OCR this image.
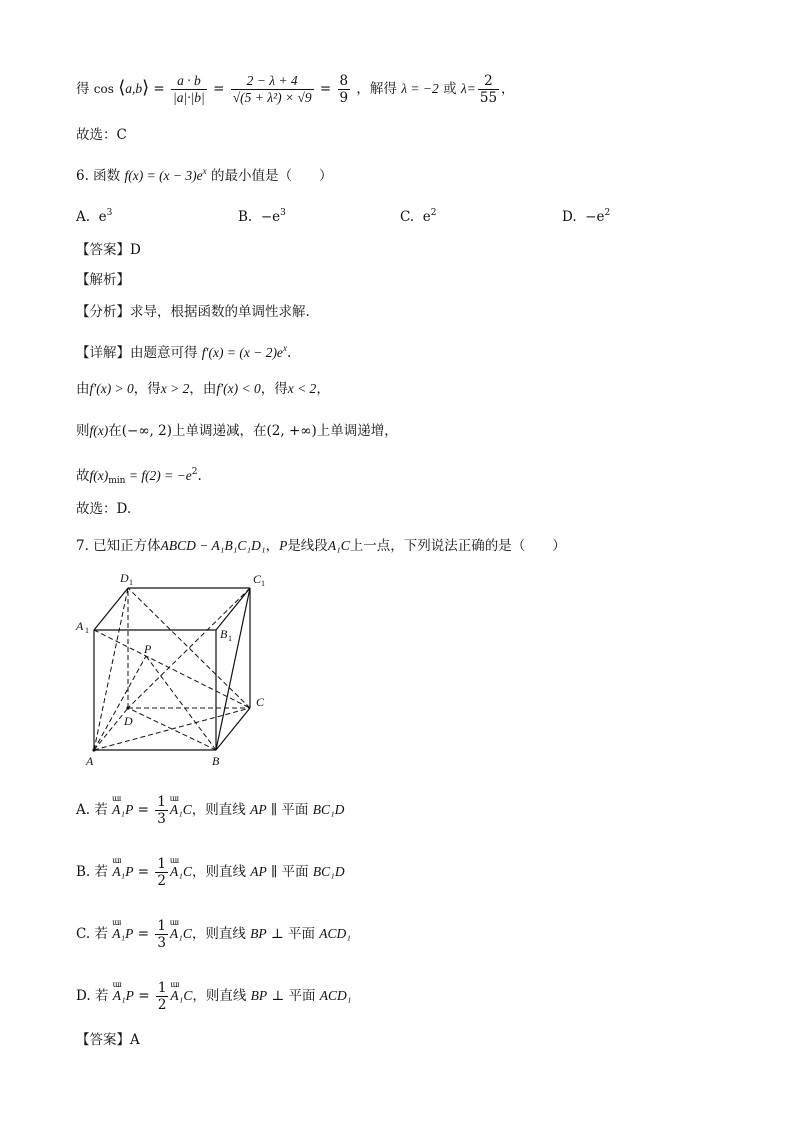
得 cos ⟨a,b⟩ = $\frac{a \cdot b}{|a|\cdot|b|} = \frac{2 - \lambda + 4}{\text{√(5 + λ²) × √9}} = \frac{8}{9}$ ，解得 λ = −2 或 $\lambda= \frac{2}{55}$ ，
故选：C
6. 函数 $f(x) = (x - 3)e^x$ 的最小值是（　　）
A. $e^3$	B. $-e^3$	C. $e^2$	D. $-e^2$
【答案】D
【解析】
【分析】求导，根据函数的单调性求解.
【详解】由题意可得 $f'(x) = (x - 2)e^x$.
由f′(x) > 0，得x > 2，由f′(x) < 0，得x < 2，
则f(x)在(−∞, 2)上单调递减，在(2, +∞)上单调递增，
故$f(x)_{min} = f(2) = -e^2$.
故选：D.
7. 已知正方体ABCD − A₁B₁C₁D₁，P是线段A₁C上一点，下列说法正确的是（　　）
A	B
C
D
A 1	B 1
C 1
D 1
P
A. 若
ɯɹ
$A_1P = \frac{1}{3}$ ɯɹ
A₁C，则直线 AP ∥ 平面 BC₁D
B. 若
ɯɹ
$A_1P = \frac{1}{2}$ ɯɹ
A₁C，则直线 AP ∥ 平面 BC₁D
C. 若
ɯɹ
$A_1P = \frac{1}{3}$ ɯɹ
A₁C，则直线 BP ⊥ 平面 ACD₁
D. 若
ɯɹ
$A_1P = \frac{1}{2}$ ɯɹ
A₁C，则直线 BP ⊥ 平面 ACD₁
【答案】A
